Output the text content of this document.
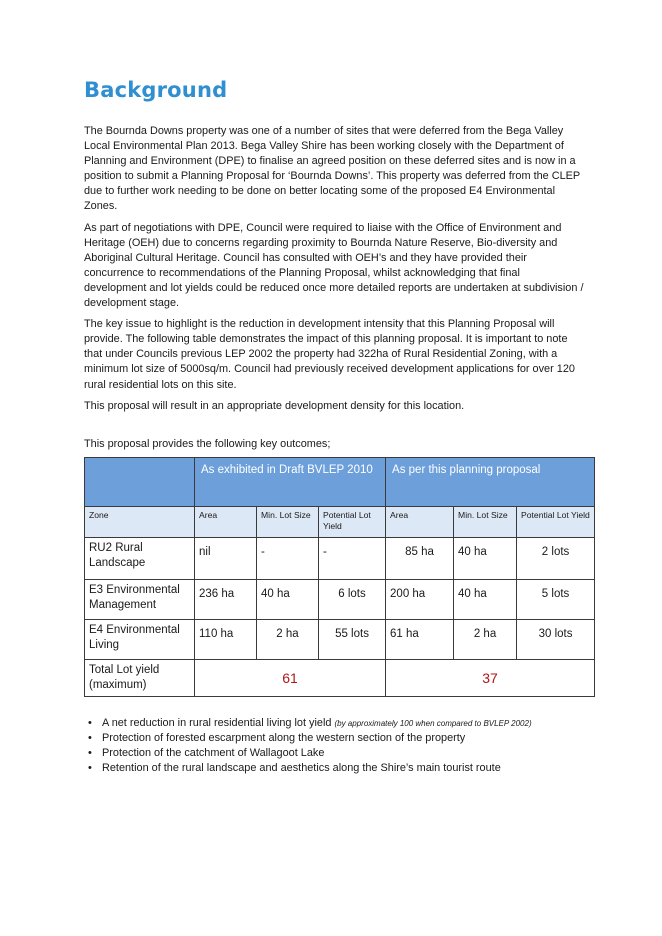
Background

The Bournda Downs property was one of a number of sites that were deferred from the Bega Valley Local Environmental Plan 2013. Bega Valley Shire has been working closely with the Department of Planning and Environment (DPE) to finalise an agreed position on these deferred sites and is now in a position to submit a Planning Proposal for ‘Bournda Downs’. This property was deferred from the CLEP due to further work needing to be done on better locating some of the proposed E4 Environmental Zones.

As part of negotiations with DPE, Council were required to liaise with the Office of Environment and Heritage (OEH) due to concerns regarding proximity to Bournda Nature Reserve, Bio-diversity and Aboriginal Cultural Heritage. Council has consulted with OEH’s and they have provided their concurrence to recommendations of the Planning Proposal, whilst acknowledging that final development and lot yields could be reduced once more detailed reports are undertaken at subdivision / development stage.

The key issue to highlight is the reduction in development intensity that this Planning Proposal will provide. The following table demonstrates the impact of this planning proposal. It is important to note that under Councils previous LEP 2002 the property had 322ha of Rural Residential Zoning, with a minimum lot size of 5000sq/m. Council had previously received development applications for over 120 rural residential lots on this site.

This proposal will result in an appropriate development density for this location.

This proposal provides the following key outcomes;
	As exhibited in Draft BVLEP 2010			As per this planning proposal		
Zone	Area	Min. Lot Size	Potential Lot Yield	Area	Min. Lot Size	Potential Lot Yield
RU2 Rural Landscape	nil	-	-	85 ha	40 ha	2 lots
E3 Environmental Management	236 ha	40 ha	6 lots	200 ha	40 ha	5 lots
E4 Environmental Living	110 ha	2 ha	55 lots	61 ha	2 ha	30 lots
Total Lot yield (maximum)	61			37		
• A net reduction in rural residential living lot yield (by approximately 100 when compared to BVLEP 2002)
• Protection of forested escarpment along the western section of the property
• Protection of the catchment of Wallagoot Lake
• Retention of the rural landscape and aesthetics along the Shire’s main tourist route
